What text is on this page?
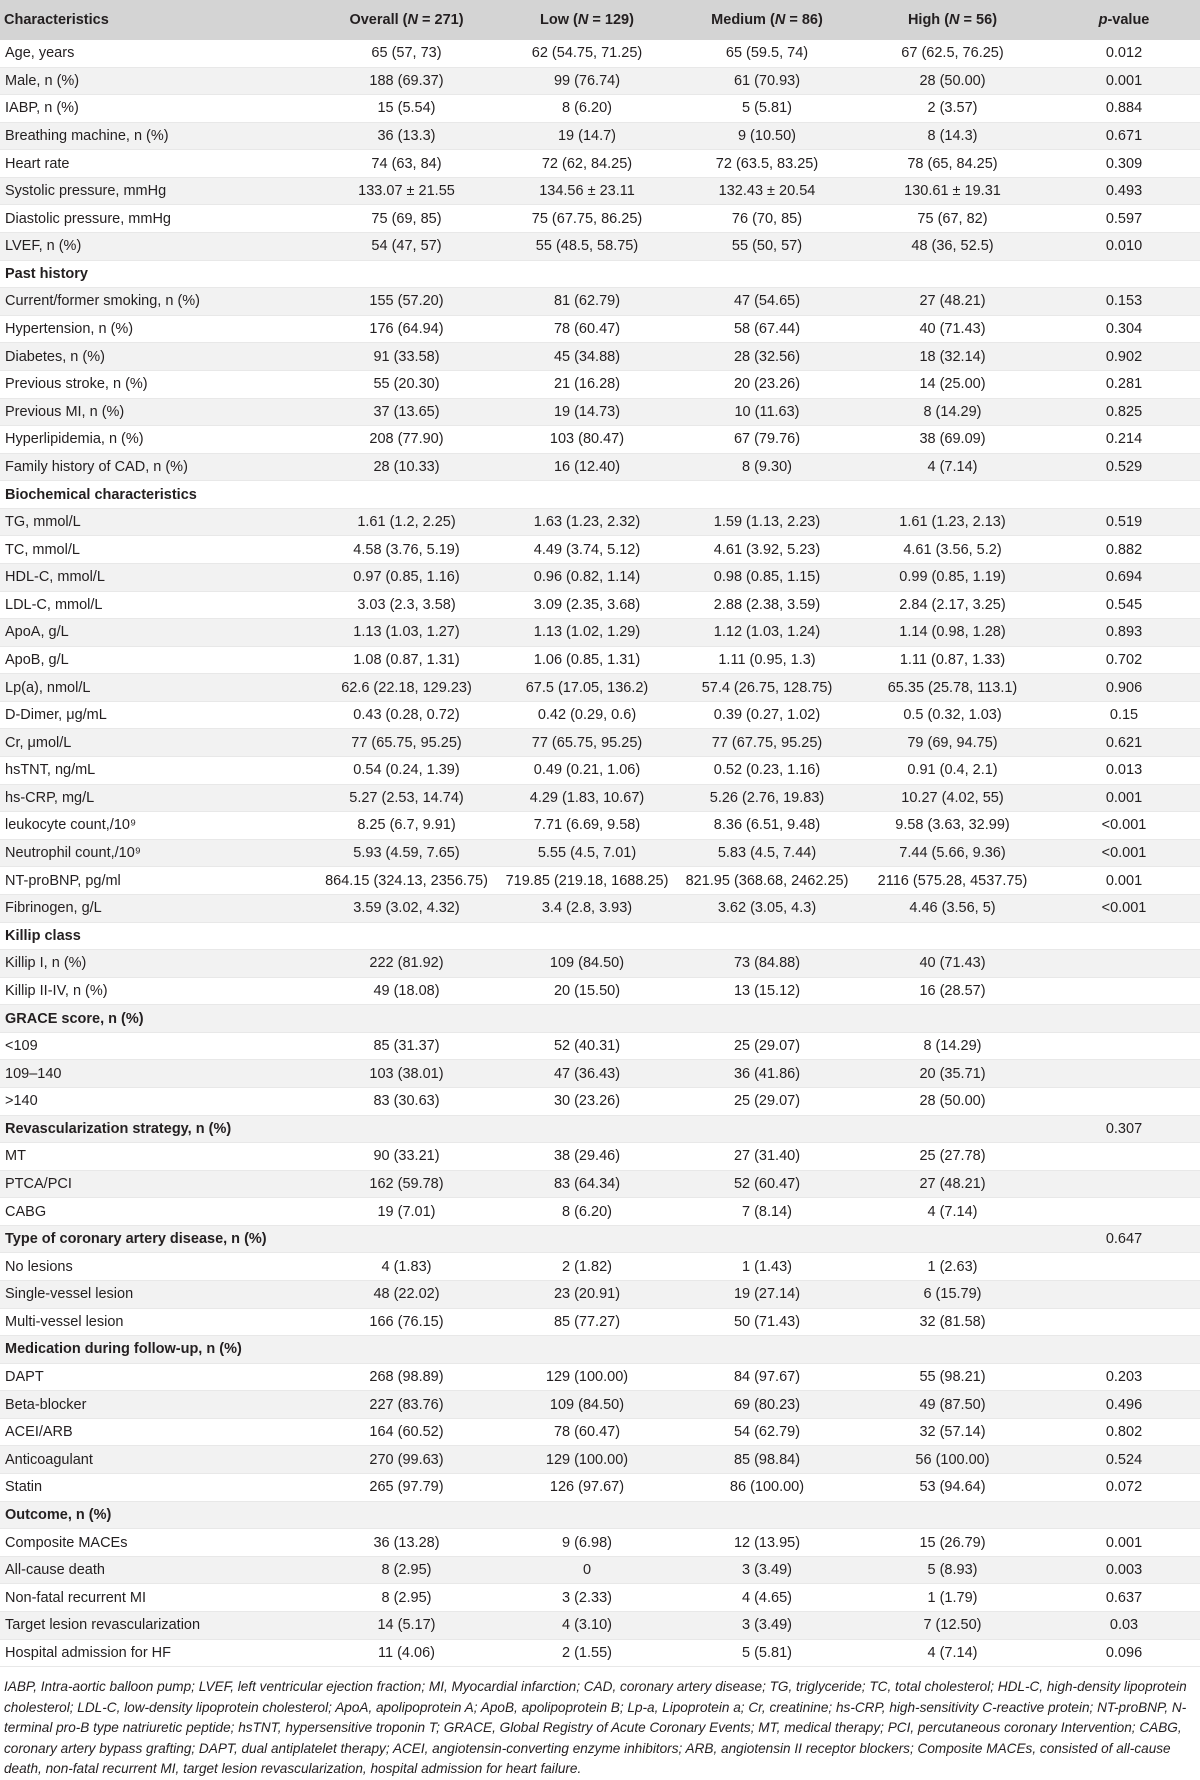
Characteristics	Overall (N = 271)	Low (N = 129)	Medium (N = 86)	High (N = 56)	p-value
Age, years	65 (57, 73)	62 (54.75, 71.25)	65 (59.5, 74)	67 (62.5, 76.25)	0.012
Male, n (%)	188 (69.37)	99 (76.74)	61 (70.93)	28 (50.00)	0.001
IABP, n (%)	15 (5.54)	8 (6.20)	5 (5.81)	2 (3.57)	0.884
Breathing machine, n (%)	36 (13.3)	19 (14.7)	9 (10.50)	8 (14.3)	0.671
Heart rate	74 (63, 84)	72 (62, 84.25)	72 (63.5, 83.25)	78 (65, 84.25)	0.309
Systolic pressure, mmHg	133.07 ± 21.55	134.56 ± 23.11	132.43 ± 20.54	130.61 ± 19.31	0.493
Diastolic pressure, mmHg	75 (69, 85)	75 (67.75, 86.25)	76 (70, 85)	75 (67, 82)	0.597
LVEF, n (%)	54 (47, 57)	55 (48.5, 58.75)	55 (50, 57)	48 (36, 52.5)	0.010
Past history					
Current/former smoking, n (%)	155 (57.20)	81 (62.79)	47 (54.65)	27 (48.21)	0.153
Hypertension, n (%)	176 (64.94)	78 (60.47)	58 (67.44)	40 (71.43)	0.304
Diabetes, n (%)	91 (33.58)	45 (34.88)	28 (32.56)	18 (32.14)	0.902
Previous stroke, n (%)	55 (20.30)	21 (16.28)	20 (23.26)	14 (25.00)	0.281
Previous MI, n (%)	37 (13.65)	19 (14.73)	10 (11.63)	8 (14.29)	0.825
Hyperlipidemia, n (%)	208 (77.90)	103 (80.47)	67 (79.76)	38 (69.09)	0.214
Family history of CAD, n (%)	28 (10.33)	16 (12.40)	8 (9.30)	4 (7.14)	0.529
Biochemical characteristics					
TG, mmol/L	1.61 (1.2, 2.25)	1.63 (1.23, 2.32)	1.59 (1.13, 2.23)	1.61 (1.23, 2.13)	0.519
TC, mmol/L	4.58 (3.76, 5.19)	4.49 (3.74, 5.12)	4.61 (3.92, 5.23)	4.61 (3.56, 5.2)	0.882
HDL-C, mmol/L	0.97 (0.85, 1.16)	0.96 (0.82, 1.14)	0.98 (0.85, 1.15)	0.99 (0.85, 1.19)	0.694
LDL-C, mmol/L	3.03 (2.3, 3.58)	3.09 (2.35, 3.68)	2.88 (2.38, 3.59)	2.84 (2.17, 3.25)	0.545
ApoA, g/L	1.13 (1.03, 1.27)	1.13 (1.02, 1.29)	1.12 (1.03, 1.24)	1.14 (0.98, 1.28)	0.893
ApoB, g/L	1.08 (0.87, 1.31)	1.06 (0.85, 1.31)	1.11 (0.95, 1.3)	1.11 (0.87, 1.33)	0.702
Lp(a), nmol/L	62.6 (22.18, 129.23)	67.5 (17.05, 136.2)	57.4 (26.75, 128.75)	65.35 (25.78, 113.1)	0.906
D-Dimer, μg/mL	0.43 (0.28, 0.72)	0.42 (0.29, 0.6)	0.39 (0.27, 1.02)	0.5 (0.32, 1.03)	0.15
Cr, μmol/L	77 (65.75, 95.25)	77 (65.75, 95.25)	77 (67.75, 95.25)	79 (69, 94.75)	0.621
hsTNT, ng/mL	0.54 (0.24, 1.39)	0.49 (0.21, 1.06)	0.52 (0.23, 1.16)	0.91 (0.4, 2.1)	0.013
hs-CRP, mg/L	5.27 (2.53, 14.74)	4.29 (1.83, 10.67)	5.26 (2.76, 19.83)	10.27 (4.02, 55)	0.001
leukocyte count,/10⁹	8.25 (6.7, 9.91)	7.71 (6.69, 9.58)	8.36 (6.51, 9.48)	9.58 (3.63, 32.99)	<0.001
Neutrophil count,/10⁹	5.93 (4.59, 7.65)	5.55 (4.5, 7.01)	5.83 (4.5, 7.44)	7.44 (5.66, 9.36)	<0.001
NT-proBNP, pg/ml	864.15 (324.13, 2356.75)	719.85 (219.18, 1688.25)	821.95 (368.68, 2462.25)	2116 (575.28, 4537.75)	0.001
Fibrinogen, g/L	3.59 (3.02, 4.32)	3.4 (2.8, 3.93)	3.62 (3.05, 4.3)	4.46 (3.56, 5)	<0.001
Killip class					
Killip I, n (%)	222 (81.92)	109 (84.50)	73 (84.88)	40 (71.43)	
Killip II-IV, n (%)	49 (18.08)	20 (15.50)	13 (15.12)	16 (28.57)	
GRACE score, n (%)					
<109	85 (31.37)	52 (40.31)	25 (29.07)	8 (14.29)	
109–140	103 (38.01)	47 (36.43)	36 (41.86)	20 (35.71)	
>140	83 (30.63)	30 (23.26)	25 (29.07)	28 (50.00)	
Revascularization strategy, n (%)					0.307
MT	90 (33.21)	38 (29.46)	27 (31.40)	25 (27.78)	
PTCA/PCI	162 (59.78)	83 (64.34)	52 (60.47)	27 (48.21)	
CABG	19 (7.01)	8 (6.20)	7 (8.14)	4 (7.14)	
Type of coronary artery disease, n (%)					0.647
No lesions	4 (1.83)	2 (1.82)	1 (1.43)	1 (2.63)	
Single-vessel lesion	48 (22.02)	23 (20.91)	19 (27.14)	6 (15.79)	
Multi-vessel lesion	166 (76.15)	85 (77.27)	50 (71.43)	32 (81.58)	
Medication during follow-up, n (%)					
DAPT	268 (98.89)	129 (100.00)	84 (97.67)	55 (98.21)	0.203
Beta-blocker	227 (83.76)	109 (84.50)	69 (80.23)	49 (87.50)	0.496
ACEI/ARB	164 (60.52)	78 (60.47)	54 (62.79)	32 (57.14)	0.802
Anticoagulant	270 (99.63)	129 (100.00)	85 (98.84)	56 (100.00)	0.524
Statin	265 (97.79)	126 (97.67)	86 (100.00)	53 (94.64)	0.072
Outcome, n (%)					
Composite MACEs	36 (13.28)	9 (6.98)	12 (13.95)	15 (26.79)	0.001
All-cause death	8 (2.95)	0	3 (3.49)	5 (8.93)	0.003
Non-fatal recurrent MI	8 (2.95)	3 (2.33)	4 (4.65)	1 (1.79)	0.637
Target lesion revascularization	14 (5.17)	4 (3.10)	3 (3.49)	7 (12.50)	0.03
Hospital admission for HF	11 (4.06)	2 (1.55)	5 (5.81)	4 (7.14)	0.096

IABP, Intra-aortic balloon pump; LVEF, left ventricular ejection fraction; MI, Myocardial infarction; CAD, coronary artery disease; TG, triglyceride; TC, total cholesterol; HDL-C, high-density lipoprotein cholesterol; LDL-C, low-density lipoprotein cholesterol; ApoA, apolipoprotein A; ApoB, apolipoprotein B; Lp-a, Lipoprotein a; Cr, creatinine; hs-CRP, high-sensitivity C-reactive protein; NT-proBNP, N-terminal pro-B type natriuretic peptide; hsTNT, hypersensitive troponin T; GRACE, Global Registry of Acute Coronary Events; MT, medical therapy; PCI, percutaneous coronary Intervention; CABG, coronary artery bypass grafting; DAPT, dual antiplatelet therapy; ACEI, angiotensin-converting enzyme inhibitors; ARB, angiotensin II receptor blockers; Composite MACEs, consisted of all-cause death, non-fatal recurrent MI, target lesion revascularization, hospital admission for heart failure.
